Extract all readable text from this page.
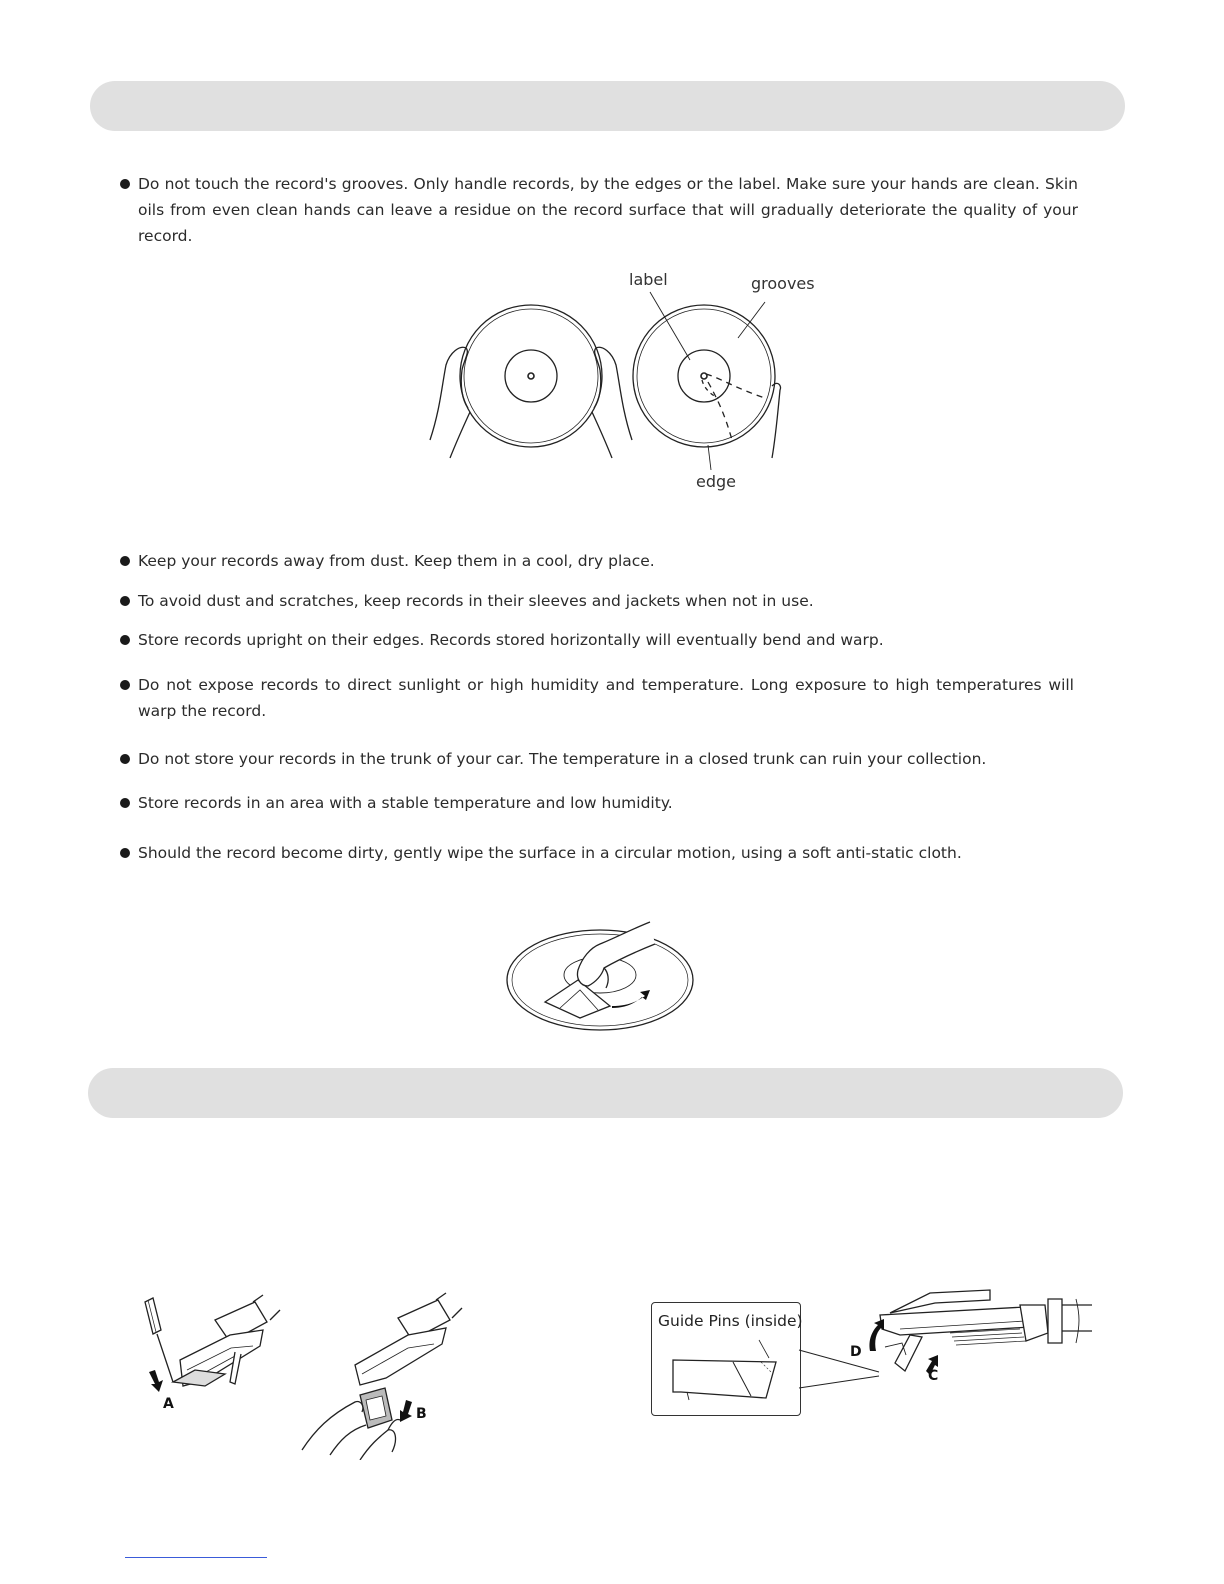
Do not touch the record's grooves. Only handle records, by the edges or the label. Make sure your hands are clean. Skin oils from even clean hands can leave a residue on the record surface that will gradually deteriorate the quality of your record.
label	grooves
edge
Keep your records away from dust. Keep them in a cool, dry place.
To avoid dust and scratches, keep records in their sleeves and jackets when not in use.
Store records upright on their edges. Records stored horizontally will eventually bend and warp.
Do not expose records to direct sunlight or high humidity and temperature. Long exposure to high temperatures will warp the record.
Do not store your records in the trunk of your car. The temperature in a closed trunk can ruin your collection.
Store records in an area with a stable temperature and low humidity.
Should the record become dirty, gently wipe the surface in a circular motion, using a soft anti-static cloth.
A
B
Guide Pins (inside)
D
C
